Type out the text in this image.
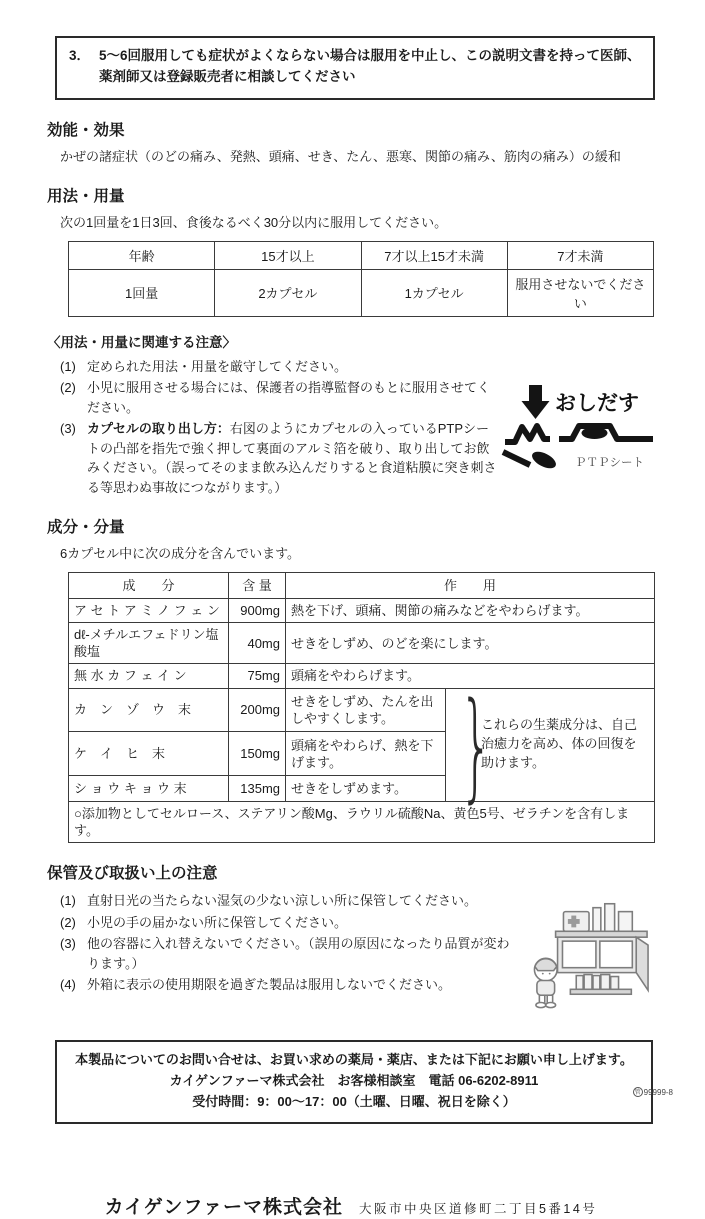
3． 5～6回服用しても症状がよくならない場合は服用を中止し、この説明文書を持って医師、薬剤師又は登録販売者に相談してください
効能・効果
かぜの諸症状（のどの痛み、発熱、頭痛、せき、たん、悪寒、関節の痛み、筋肉の痛み）の緩和
用法・用量
次の1回量を1日3回、食後なるべく30分以内に服用してください。
年齢	15才以上	7才以上15才未満	7才未満
1回量	2カプセル	1カプセル	服用させないでください
〈用法・用量に関連する注意〉
(1) 定められた用法・用量を厳守してください。
(2) 小児に服用させる場合には、保護者の指導監督のもとに服用させてください。
(3) カプセルの取り出し方：右図のようにカプセルの入っているPTPシートの凸部を指先で強く押して裏面のアルミ箔を破り、取り出してお飲みください。（誤ってそのまま飲み込んだりすると食道粘膜に突き刺さる等思わぬ事故につながります。）
おしだす
ＰＴＰシート
成分・分量
6カプセル中に次の成分を含んでいます。
成　　分	含 量	作　　用	
ア セ ト ア ミ ノ フ ェ ン	900mg	熱を下げ、頭痛、関節の痛みなどをやわらげます。	
dℓ-メチルエフェドリン塩酸塩	40mg	せきをしずめ、のどを楽にします。	
無 水 カ フ ェ イ ン	75mg	頭痛をやわらげます。	
カ　ン　ゾ　ウ　末	200mg	せきをしずめ、たんを出しやすくします。	}
これらの生薬成分は、自己治癒力を高め、体の回復を助けます。

ケ　イ　ヒ　末	150mg	頭痛をやわらげ、熱を下げます。	
シ ョ ウ キ ョ ウ 末	135mg	せきをしずめます。	
○添加物としてセルロース、ステアリン酸Mg、ラウリル硫酸Na、黄色5号、ゼラチンを含有します。			
保管及び取扱い上の注意
(1) 直射日光の当たらない湿気の少ない涼しい所に保管してください。
(2) 小児の手の届かない所に保管してください。
(3) 他の容器に入れ替えないでください。（誤用の原因になったり品質が変わります。）
(4) 外箱に表示の使用期限を過ぎた製品は服用しないでください。
本製品についてのお問い合せは、お買い求めの薬局・薬店、または下記にお願い申し上げます。
カイゲンファーマ株式会社　お客様相談室　電話 06-6202-8911
受付時間：9：00～17：00（土曜、日曜、祝日を除く）
カイゲンファーマ株式会社 大阪市中央区道修町二丁目5番14号
管 99999-8
